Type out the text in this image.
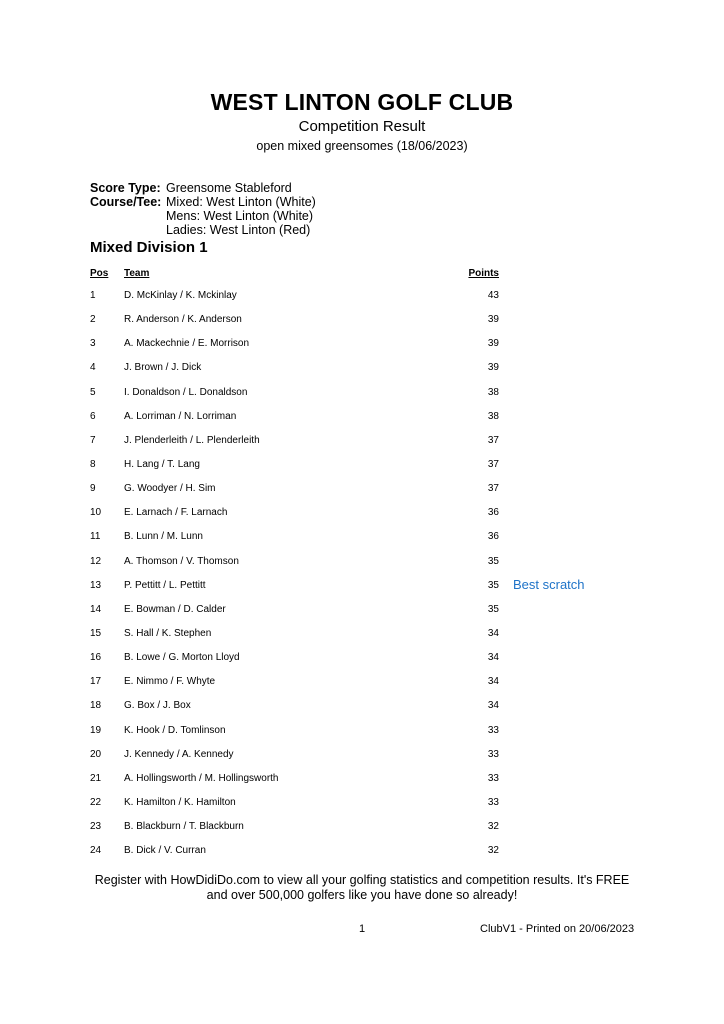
WEST LINTON GOLF CLUB
Competition Result
open mixed greensomes (18/06/2023)
Score Type: Greensome Stableford
Course/Tee: Mixed: West Linton (White)
Mens: West Linton (White)
Ladies: West Linton (Red)
Mixed Division 1
Pos Team	Points
1	D. McKinlay / K. Mckinlay	43
2	R. Anderson / K. Anderson	39
3	A. Mackechnie / E. Morrison	39
4	J. Brown / J. Dick	39
5	I. Donaldson / L. Donaldson	38
6	A. Lorriman / N. Lorriman	38
7	J. Plenderleith / L. Plenderleith	37
8	H. Lang / T. Lang	37
9	G. Woodyer / H. Sim	37
10 E. Larnach / F. Larnach	36
11 B. Lunn / M. Lunn	36
12 A. Thomson / V. Thomson	35
13 P. Pettitt / L. Pettitt	35 Best scratch
14 E. Bowman / D. Calder	35
15 S. Hall / K. Stephen	34
16 B. Lowe / G. Morton Lloyd	34
17 E. Nimmo / F. Whyte	34
18 G. Box / J. Box	34
19 K. Hook / D. Tomlinson	33
20 J. Kennedy / A. Kennedy	33
21 A. Hollingsworth / M. Hollingsworth	33
22 K. Hamilton / K. Hamilton	33
23 B. Blackburn / T. Blackburn	32
24 B. Dick / V. Curran	32
Register with HowDidiDo.com to view all your golfing statistics and competition results. It's FREE
and over 500,000 golfers like you have done so already!
1	ClubV1 - Printed on 20/06/2023
